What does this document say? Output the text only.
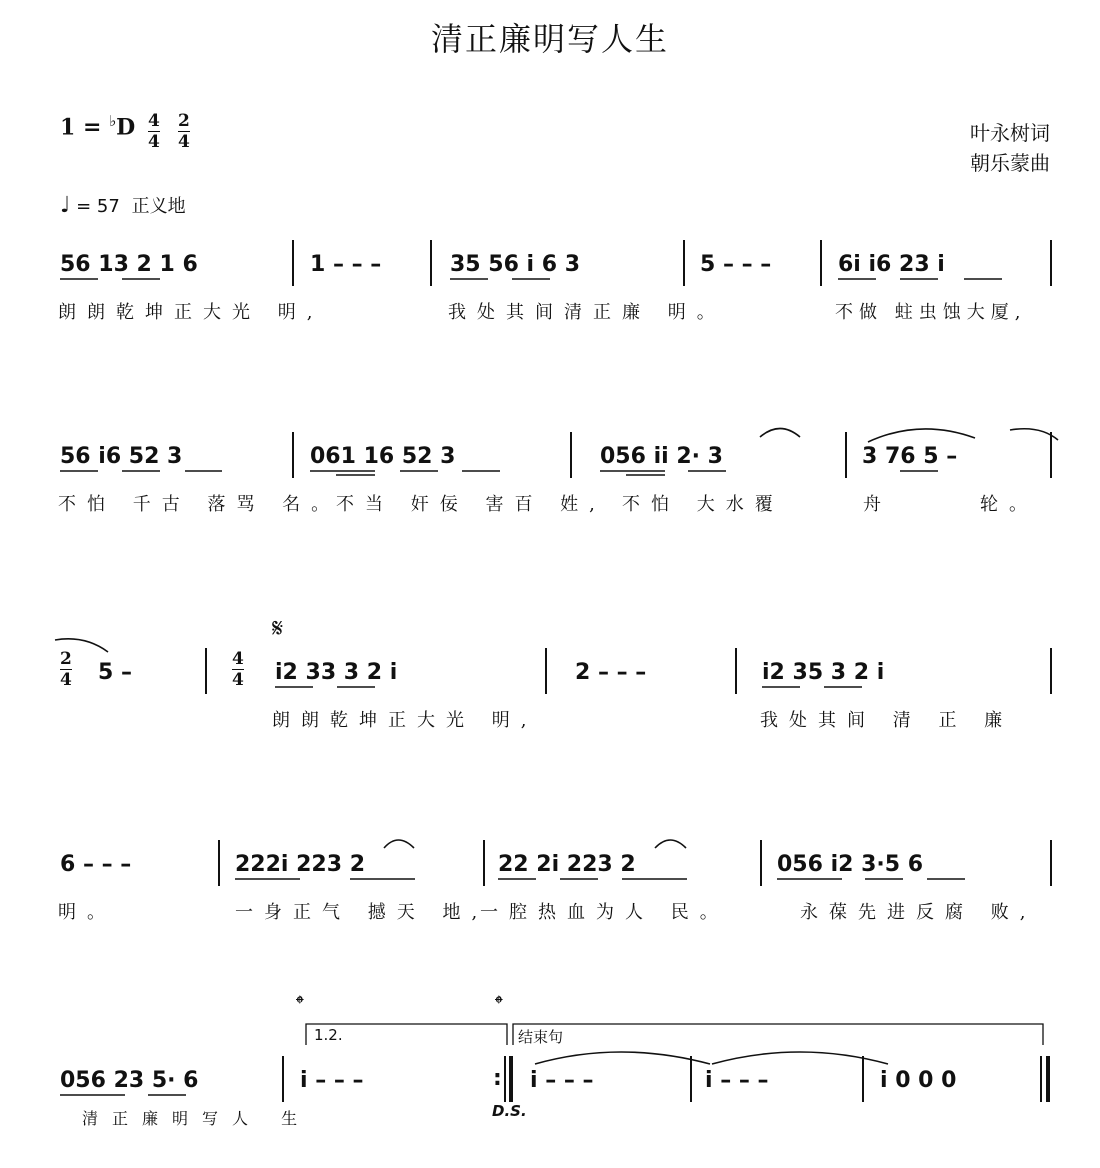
清正廉明写人生
1 = ♭D 4
4
2
4	叶永树词
朝乐蒙曲
♩ = 57 正义地
56 13 2 1 6	1 – – –	35 56 i 6 3	5 – – –	6i i6 23 i
朗朗乾坤正大光 明,	我处其间清正廉 明。	不做 蛀虫蚀大厦,
56 i6 52 3	061 16 52 3	056 ii 2· 3	3 76 5 –
不怕 千古 落骂 名。
不当 奸佞 害百 姓, 不怕 大水覆	舟	轮。
2
4 5 –
4
4
𝄋
i2 33 3 2 i	2 – – –	i2 35 3 2 i
朗朗乾坤正大光 明,	我处其间 清 正 廉
6 – – –	222i 223 2	22 2i 223 2	056 i2 3·5 6
明。	一身正气 撼天 地,
一腔热血为人 民。	永葆先进反腐 败,
𝄌	𝄌
1.2.	结束句
056 23 5· 6	i – – –	: i – – –	i – – –	i 0 0 0
D.S.
清正廉明写人 生
